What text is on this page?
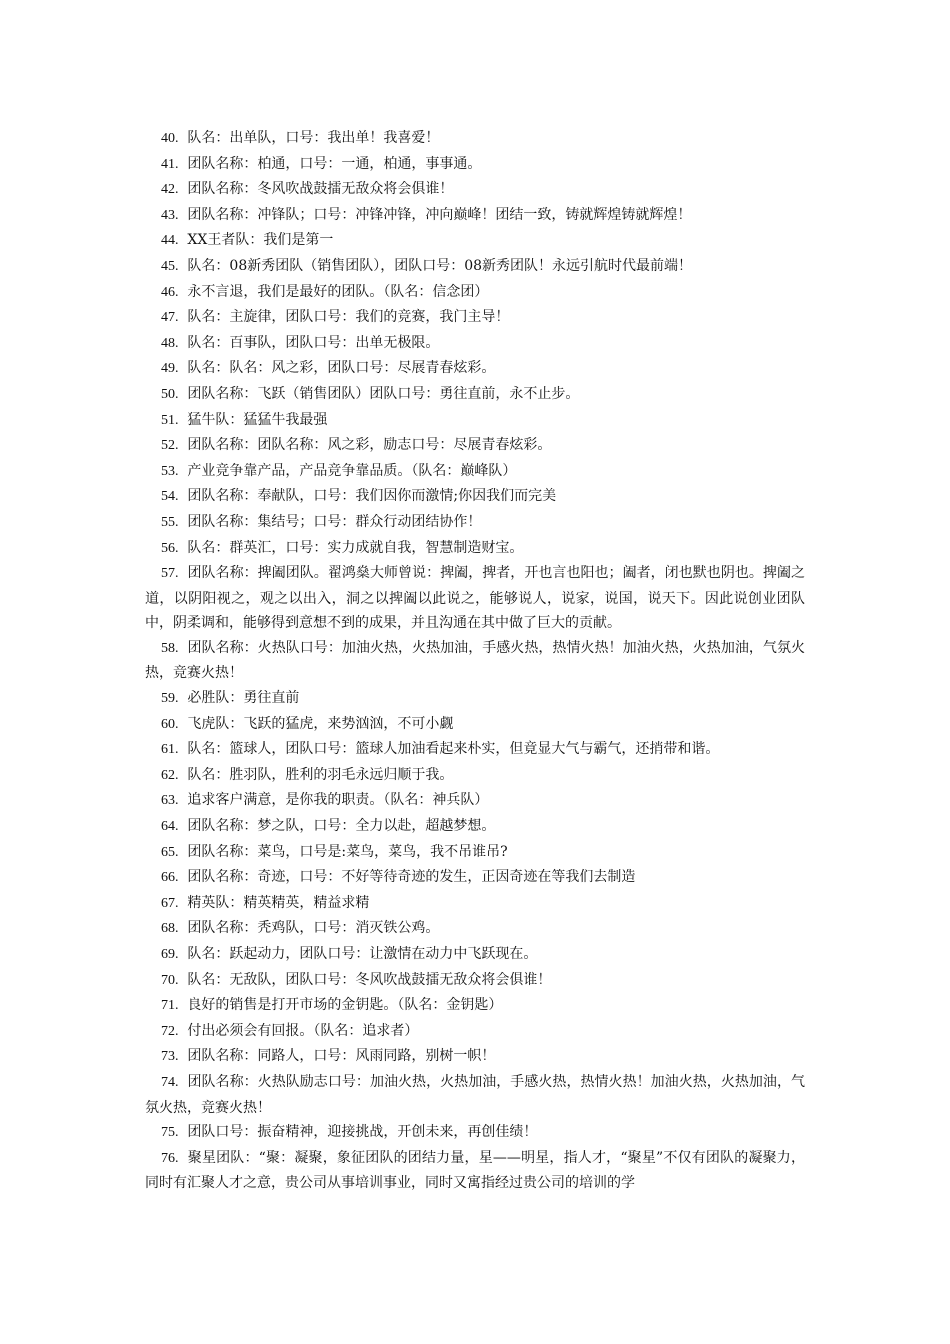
40. 队名：出单队，口号：我出单！我喜爱！

41. 团队名称：柏通，口号：一通，柏通，事事通。

42. 团队名称：冬风吹战鼓擂无敌众将会俱谁！

43. 团队名称：冲锋队；口号：冲锋冲锋，冲向巅峰！团结一致，铸就辉煌铸就辉煌！

44. XX王者队：我们是第一

45. 队名：08新秀团队（销售团队），团队口号：08新秀团队！永远引航时代最前端！

46. 永不言退，我们是最好的团队。（队名：信念团）

47. 队名：主旋律，团队口号：我们的竞赛，我门主导！

48. 队名：百事队，团队口号：出单无极限。

49. 队名：队名：风之彩，团队口号：尽展青春炫彩。

50. 团队名称：飞跃（销售团队）团队口号：勇往直前，永不止步。

51. 猛牛队：猛猛牛我最强

52. 团队名称：团队名称：风之彩，励志口号：尽展青春炫彩。

53. 产业竞争靠产品，产品竞争靠品质。（队名：巅峰队）

54. 团队名称：奉献队，口号：我们因你而激情;你因我们而完美

55. 团队名称：集结号；口号：群众行动团结协作！

56. 队名：群英汇，口号：实力成就自我，智慧制造财宝。

57. 团队名称：捭阖团队。翟鸿燊大师曾说：捭阖，捭者，开也言也阳也；阖者，闭也默也阴也。捭阖之道，以阴阳视之，观之以出入，洞之以捭阖以此说之，能够说人，说家，说国，说天下。因此说创业团队中，阴柔调和，能够得到意想不到的成果，并且沟通在其中做了巨大的贡献。

58. 团队名称：火热队口号：加油火热，火热加油，手感火热，热情火热！加油火热，火热加油，气氛火热，竞赛火热！

59. 必胜队：勇往直前

60. 飞虎队：飞跃的猛虎，来势汹汹，不可小觑

61. 队名：篮球人，团队口号：篮球人加油看起来朴实，但竟显大气与霸气，还捎带和谐。

62. 队名：胜羽队，胜利的羽毛永远归顺于我。

63. 追求客户满意，是你我的职责。（队名：神兵队）

64. 团队名称：梦之队，口号：全力以赴，超越梦想。

65. 团队名称：菜鸟，口号是:菜鸟，菜鸟，我不吊谁吊?

66. 团队名称：奇迹，口号：不好等待奇迹的发生，正因奇迹在等我们去制造

67. 精英队：精英精英，精益求精

68. 团队名称：秃鸡队，口号：消灭铁公鸡。

69. 队名：跃起动力，团队口号：让激情在动力中飞跃现在。

70. 队名：无敌队，团队口号：冬风吹战鼓擂无敌众将会俱谁！

71. 良好的销售是打开市场的金钥匙。（队名：金钥匙）

72. 付出必须会有回报。（队名：追求者）

73. 团队名称：同路人，口号：风雨同路，别树一帜！

74. 团队名称：火热队励志口号：加油火热，火热加油，手感火热，热情火热！加油火热，火热加油，气氛火热，竞赛火热！

75. 团队口号：振奋精神，迎接挑战，开创未来，再创佳绩！

76. 聚星团队：“聚：凝聚，象征团队的团结力量，星——明星，指人才，“聚星”不仅有团队的凝聚力，同时有汇聚人才之意，贵公司从事培训事业，同时又寓指经过贵公司的培训的学
